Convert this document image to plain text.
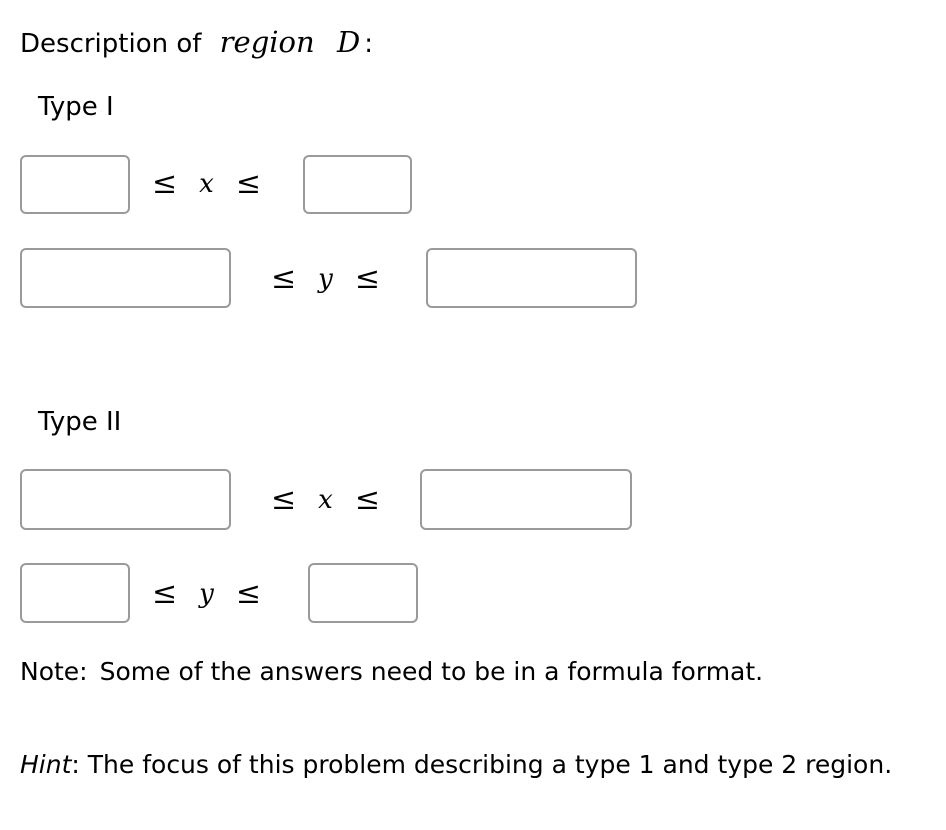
Description of region D :
Type I
≤ x ≤
≤ y ≤
Type II
≤ x ≤
≤ y ≤
Note: Some of the answers need to be in a formula format.
Hint: The focus of this problem describing a type 1 and type 2 region.
